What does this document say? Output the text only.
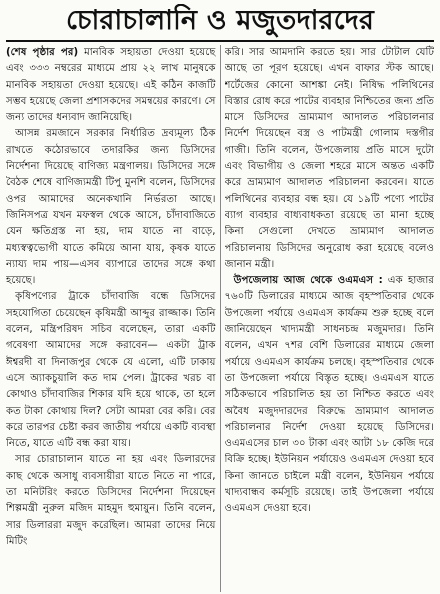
চোরাচালানি ও মজুতদারদের

(শেষ পৃষ্ঠার পর) মানবিক সহায়তা দেওয়া হয়েছে এবং ৩৩৩ নম্বরের মাধ্যমে প্রায় ২২ লাখ মানুষকে মানবিক সহায়তা দেওয়া হয়েছে। এই কঠিন কাজটি সম্ভব হয়েছে জেলা প্রশাসকদের সমন্বয়ের কারণে। সে জন্য তাদের ধন্যবাদ জানিয়েছি।

আসন্ন রমজানে সরকার নির্ধারিত দ্রব্যমূল্য ঠিক রাখতে কঠোরভাবে তদারকির জন্য ডিসিদের নির্দেশনা দিয়েছে বাণিজ্য মন্ত্রণালয়। ডিসিদের সঙ্গে বৈঠক শেষে বাণিজ্যমন্ত্রী টিপু মুনশি বলেন, ডিসিদের ওপর আমাদের অনেকখানি নির্ভরতা আছে। জিনিসপত্র যখন মফস্বল থেকে আসে, চাঁদাবাজিতে যেন ক্ষতিগ্রস্ত না হয়, দাম যাতে না বাড়ে, মধ্যস্বত্বভোগী যাতে কমিয়ে আনা যায়, কৃষক যাতে ন্যায্য দাম পায়—এসব ব্যাপারে তাদের সঙ্গে কথা হয়েছে।

কৃষিপণ্যের ট্রাকে চাঁদাবাজি বন্ধে ডিসিদের সহযোগিতা চেয়েছেন কৃষিমন্ত্রী আব্দুর রাজ্জাক। তিনি বলেন, মন্ত্রিপরিষদ সচিব বলেছেন, তারা একটি গবেষণা আমাদের সঙ্গে করাবেন— একটা ট্রাক ঈশ্বরদী বা দিনাজপুর থেকে যে এলো, এটি ঢাকায় এসে অ্যাকচুয়ালি কত দাম পেল। ট্রাকের খরচ বা কোথাও চাঁদাবাজির শিকার যদি হয়ে থাকে, তা হলে কত টাকা কোথায় দিল? সেটা আমরা বের করি। বের করে তারপর চেষ্টা করব জাতীয় পর্যায়ে একটি ব্যবস্থা নিতে, যাতে এটি বন্ধ করা যায়।

সার চোরাচালান যাতে না হয় এবং ডিলারদের কাছ থেকে অসাধু ব্যবসায়ীরা যাতে নিতে না পারে, তা মনিটরিং করতে ডিসিদের নির্দেশনা দিয়েছেন শিল্পমন্ত্রী নুরুল মজিদ মাহমুদ হুমায়ুন। তিনি বলেন, সার ডিলাররা মজুদ করেছিল। আমরা তাদের নিয়ে মিটিং

করি। সার আমদানি করতে হয়। সার টোটাল যেটি আছে তা পূরণ হয়েছে। এখন বাফার স্টক আছে। শর্টেজের কোনো আশঙ্কা নেই। নিষিদ্ধ পলিথিনের বিস্তার রোধ করে পাটের ব্যবহার নিশ্চিতের জন্য প্রতি মাসে ডিসিদের ভ্রাম্যমাণ আদালত পরিচালনার নির্দেশ দিয়েছেন বস্ত্র ও পাটমন্ত্রী গোলাম দস্তগীর গাজী। তিনি বলেন, উপজেলায় প্রতি মাসে দুটো এবং বিভাগীয় ও জেলা শহরে মাসে অন্তত একটি করে ভ্রাম্যমাণ আদালত পরিচালনা করবেন। যাতে পলিথিনের ব্যবহার বন্ধ হয়। যে ১৯টি পণ্যে পাটের ব্যাগ ব্যবহার বাধ্যবাধকতা রয়েছে তা মানা হচ্ছে কিনা সেগুলো দেখতে ভ্রাম্যমাণ আদালত পরিচালনায় ডিসিদের অনুরোধ করা হয়েছে বলেও জানান মন্ত্রী।

উপজেলায় আজ থেকে ওএমএস : এক হাজার ৭৬০টি ডিলারের মাধ্যমে আজ বৃহস্পতিবার থেকে উপজেলা পর্যায়ে ওএমএস কার্যক্রম শুরু হচ্ছে বলে জানিয়েছেন খাদ্যমন্ত্রী সাধনচন্দ্র মজুমদার। তিনি বলেন, এখন ৭শর বেশি ডিলারের মাধ্যমে জেলা পর্যায়ে ওএমএস কার্যক্রম চলছে। বৃহস্পতিবার থেকে তা উপজেলা পর্যায়ে বিস্তৃত হচ্ছে। ওএমএস যাতে সঠিকভাবে পরিচালিত হয় তা নিশ্চিত করতে এবং অবৈধ মজুদদারদের বিরুদ্ধে ভ্রাম্যমাণ আদালত পরিচালনার নির্দেশ দেওয়া হয়েছে ডিসিদের। ওএমএসের চাল ৩০ টাকা এবং আটা ১৮ কেজি দরে বিক্রি হচ্ছে। ইউনিয়ন পর্যায়েও ওএমএস দেওয়া হবে কিনা জানতে চাইলে মন্ত্রী বলেন, ইউনিয়ন পর্যায়ে খাদ্যবান্ধব কর্মসূচি রয়েছে। তাই উপজেলা পর্যায়ে ওএমএস দেওয়া হবে।
